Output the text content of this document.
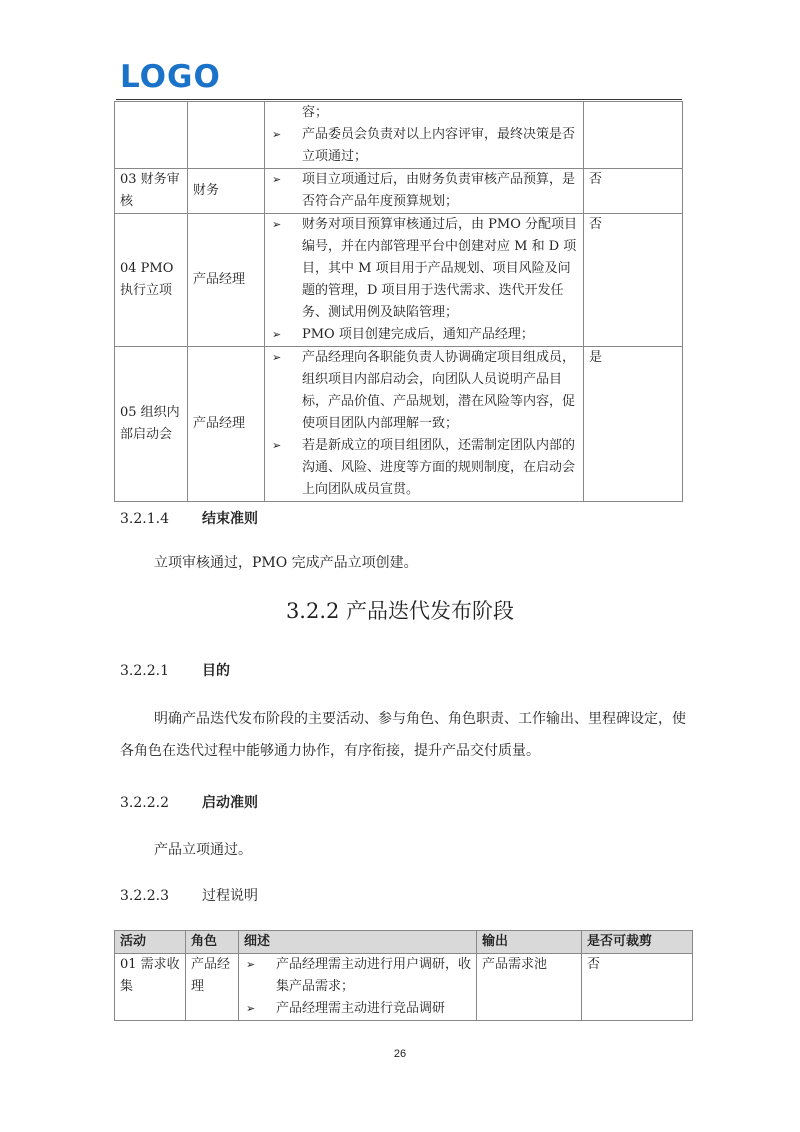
LOGO

		容；
➢ 产品委员会负责对以上内容评审，最终决策是否立项通过；	

03 财务审核	财务	➢ 项目立项通过后，由财务负责审核产品预算，是否符合产品年度预算规划；	否
04 PMO 执行立项	产品经理	➢ 财务对项目预算审核通过后，由 PMO 分配项目编号，并在内部管理平台中创建对应 M 和 D 项目，其中 M 项目用于产品规划、项目风险及问题的管理，D 项目用于迭代需求、迭代开发任务、测试用例及缺陷管理；
➢ PMO 项目创建完成后，通知产品经理；	否
05 组织内部启动会	产品经理	➢ 产品经理向各职能负责人协调确定项目组成员，组织项目内部启动会，向团队人员说明产品目标，产品价值、产品规划，潜在风险等内容，促使项目团队内部理解一致；
➢ 若是新成立的项目组团队，还需制定团队内部的沟通、风险、进度等方面的规则制度，在启动会上向团队成员宣贯。	是
3.2.1.4 结束准则
立项审核通过，PMO 完成产品立项创建。
3.2.2 产品迭代发布阶段
3.2.2.1 目的
明确产品迭代发布阶段的主要活动、参与角色、角色职责、工作输出、里程碑设定，使各角色在迭代过程中能够通力协作，有序衔接，提升产品交付质量。
3.2.2.2 启动准则
产品立项通过。
3.2.2.3 过程说明
活动	角色	细述	输出	是否可裁剪
01 需求收集	产品经理	➢ 产品经理需主动进行用户调研，收集产品需求；
➢ 产品经理需主动进行竞品调研	产品需求池	否
26
